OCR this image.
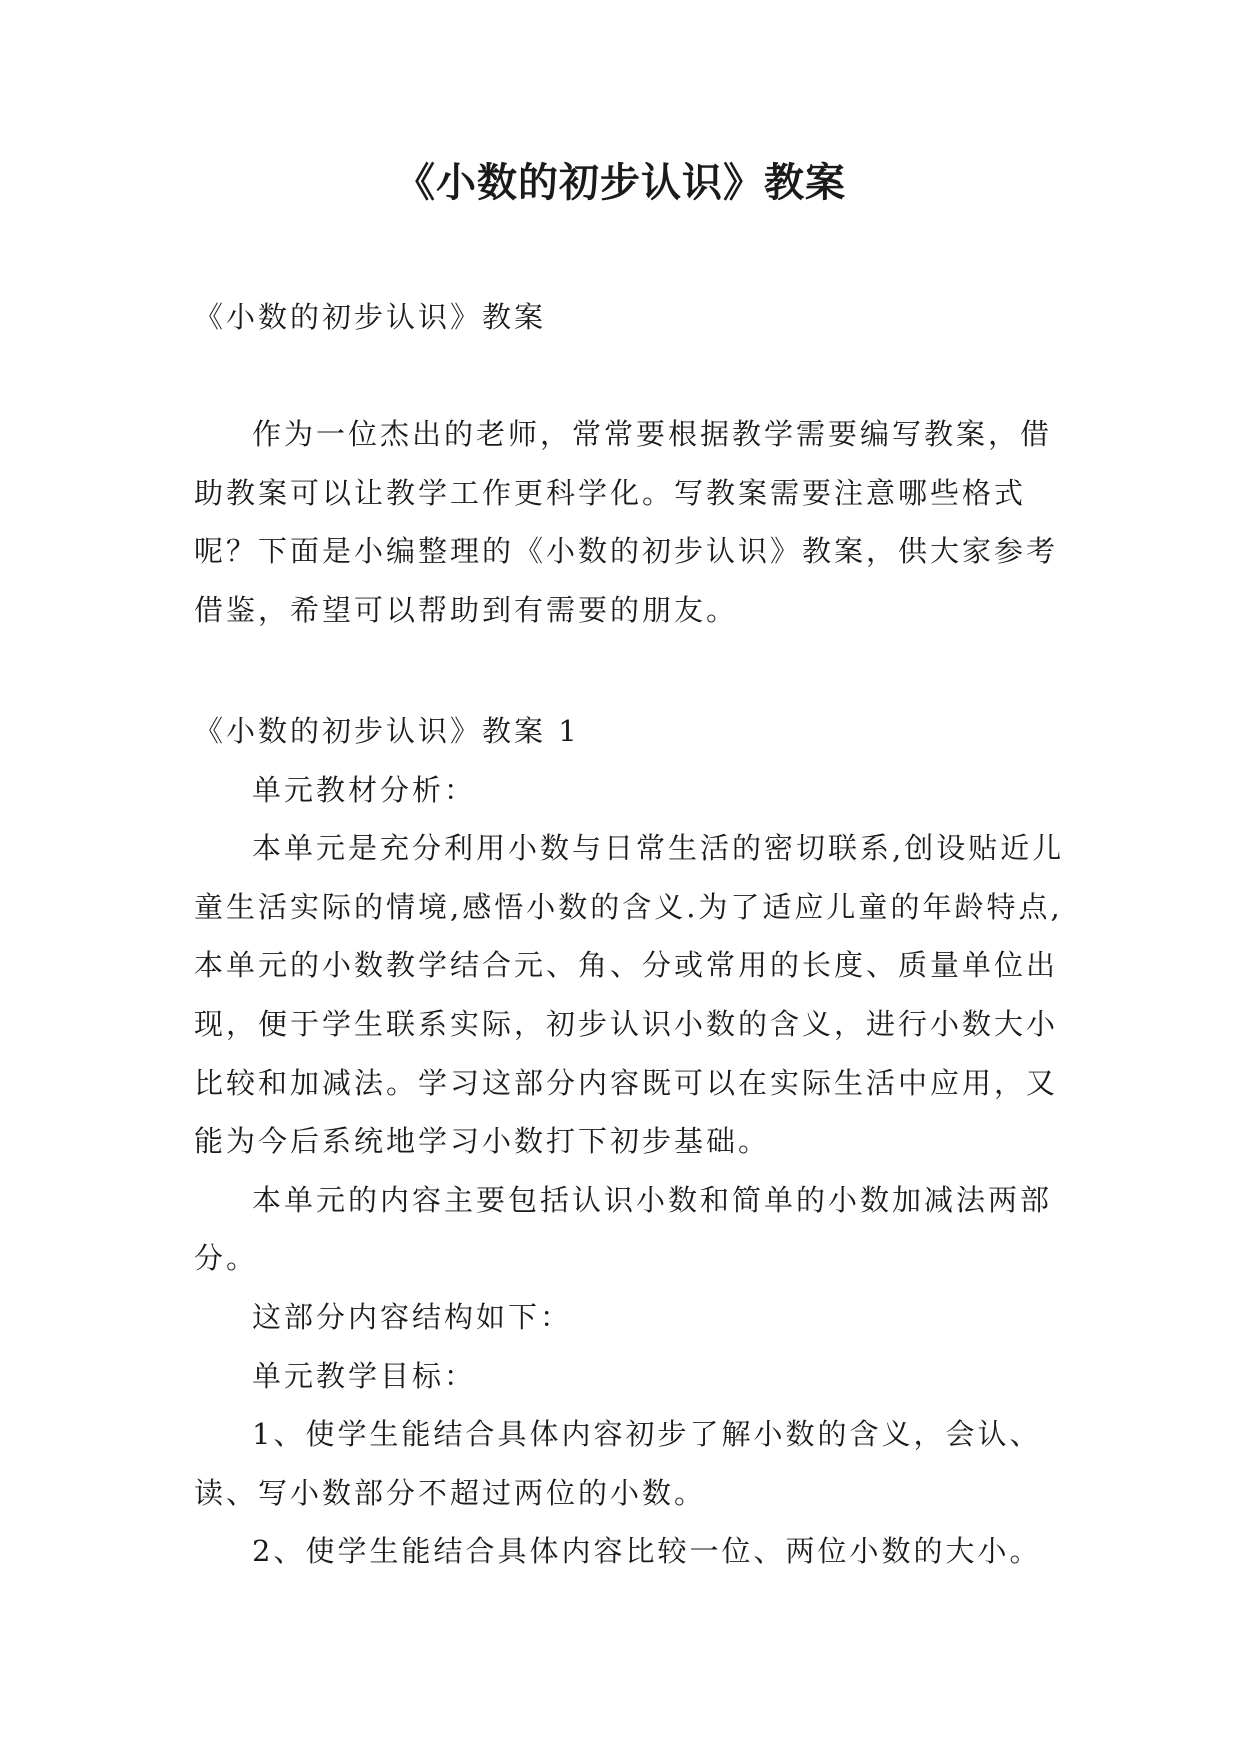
《小数的初步认识》教案

《小数的初步认识》教案

作为一位杰出的老师，常常要根据教学需要编写教案，借助教案可以让教学工作更科学化。写教案需要注意哪些格式呢？下面是小编整理的《小数的初步认识》教案，供大家参考借鉴，希望可以帮助到有需要的朋友。

《小数的初步认识》教案 1

单元教材分析：

本单元是充分利用小数与日常生活的密切联系,创设贴近儿童生活实际的情境,感悟小数的含义.为了适应儿童的年龄特点,本单元的小数教学结合元、角、分或常用的长度、质量单位出现，便于学生联系实际，初步认识小数的含义，进行小数大小比较和加减法。学习这部分内容既可以在实际生活中应用，又能为今后系统地学习小数打下初步基础。

本单元的内容主要包括认识小数和简单的小数加减法两部分。

这部分内容结构如下：

单元教学目标：

1、使学生能结合具体内容初步了解小数的含义，会认、读、写小数部分不超过两位的小数。

2、使学生能结合具体内容比较一位、两位小数的大小。
